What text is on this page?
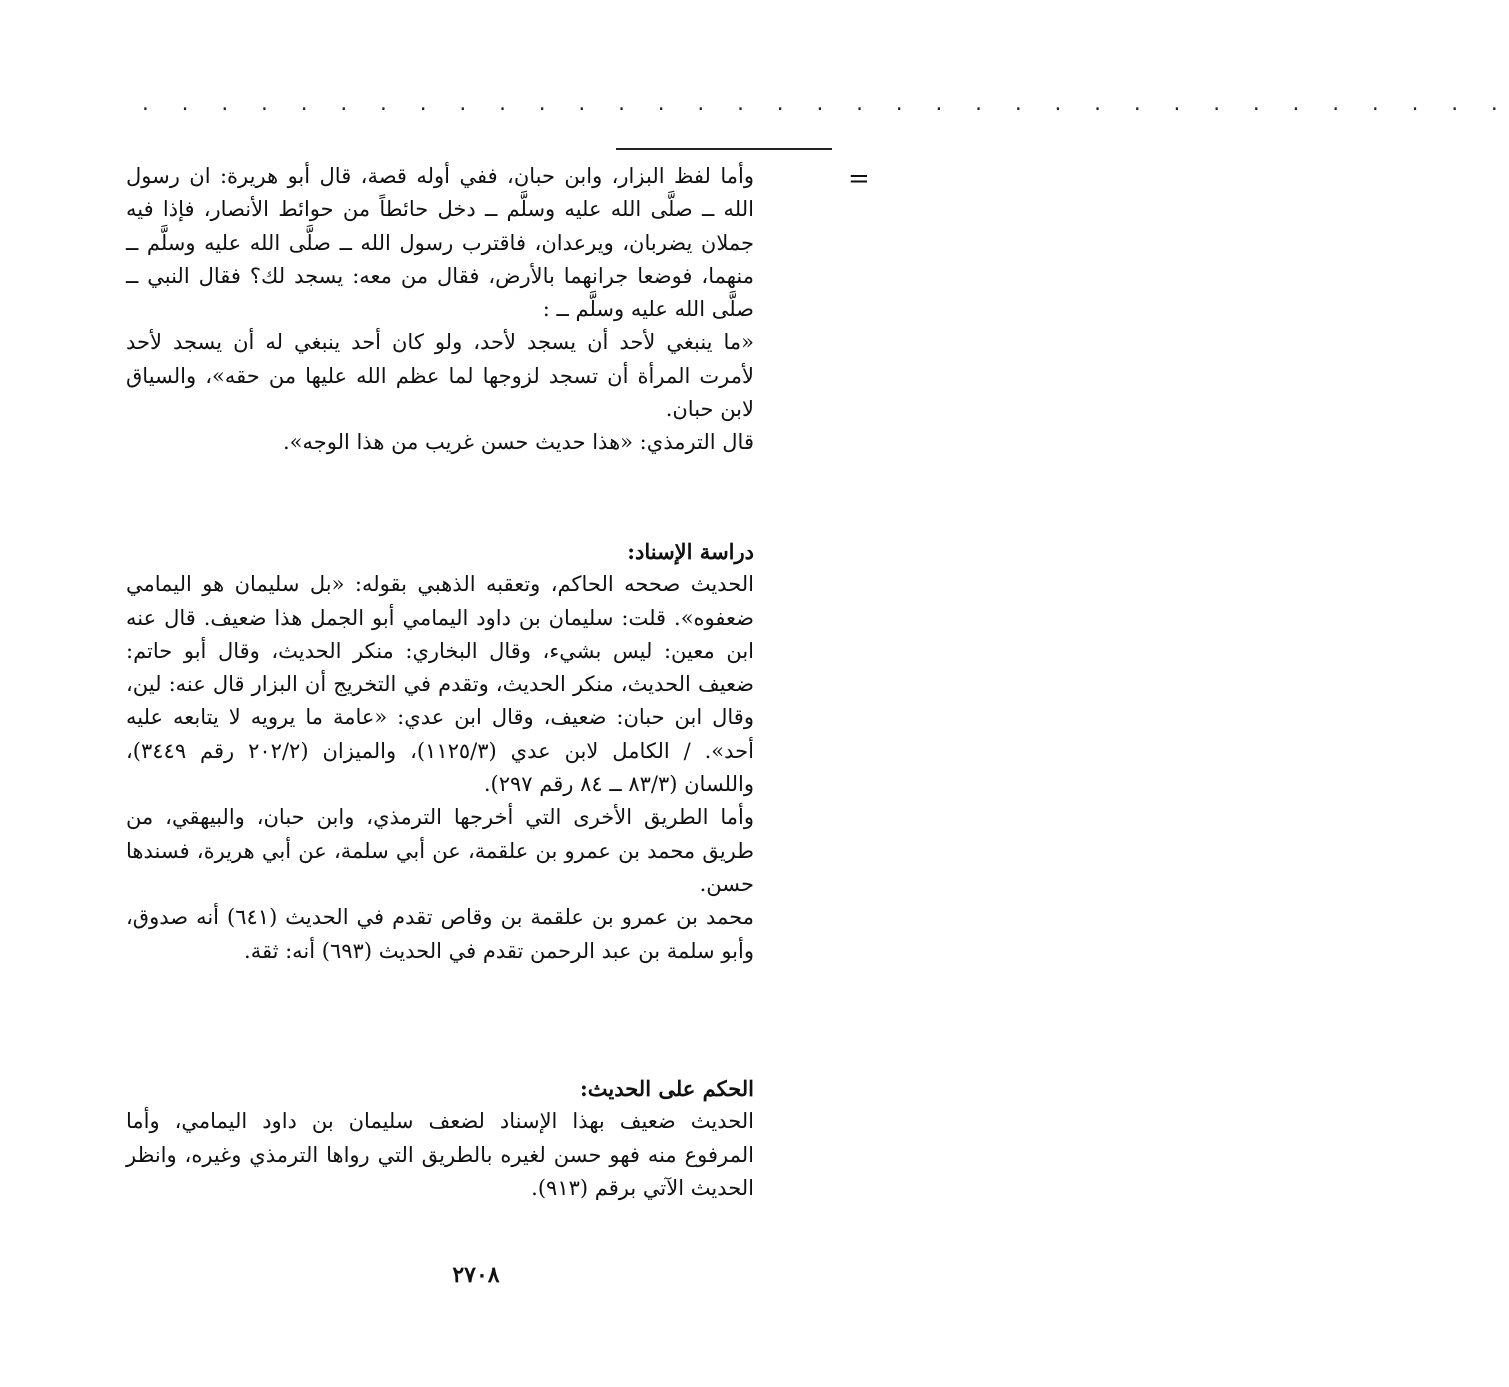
. . . . . . . . . . . . . . . . . . . . . . . . . . . . . . . . . . .
=

وأما لفظ البزار، وابن حبان، ففي أوله قصة، قال أبو هريرة: ان رسول الله ــ صلَّى الله عليه وسلَّم ــ دخل حائطاً من حوائط الأنصار، فإذا فيه جملان يضربان، ويرعدان، فاقترب رسول الله ــ صلَّى الله عليه وسلَّم ــ منهما، فوضعا جرانهما بالأرض، فقال من معه: يسجد لك؟ فقال النبي ــ صلَّى الله عليه وسلَّم ــ :

«ما ينبغي لأحد أن يسجد لأحد، ولو كان أحد ينبغي له أن يسجد لأحد لأمرت المرأة أن تسجد لزوجها لما عظم الله عليها من حقه»، والسياق لابن حبان.

قال الترمذي: «هذا حديث حسن غريب من هذا الوجه».

دراسة الإسناد:

الحديث صححه الحاكم، وتعقبه الذهبي بقوله: «بل سليمان هو اليمامي ضعفوه». قلت: سليمان بن داود اليمامي أبو الجمل هذا ضعيف. قال عنه ابن معين: ليس بشيء، وقال البخاري: منكر الحديث، وقال أبو حاتم: ضعيف الحديث، منكر الحديث، وتقدم في التخريج أن البزار قال عنه: لين، وقال ابن حبان: ضعيف، وقال ابن عدي: «عامة ما يرويه لا يتابعه عليه أحد». / الكامل لابن عدي (١١٢٥/٣)، والميزان (٢٠٢/٢ رقم ٣٤٤٩)، واللسان (٨٣/٣ ــ ٨٤ رقم ٢٩٧).

وأما الطريق الأخرى التي أخرجها الترمذي، وابن حبان، والبيهقي، من طريق محمد بن عمرو بن علقمة، عن أبي سلمة، عن أبي هريرة، فسندها حسن.

محمد بن عمرو بن علقمة بن وقاص تقدم في الحديث (٦٤١) أنه صدوق، وأبو سلمة بن عبد الرحمن تقدم في الحديث (٦٩٣) أنه: ثقة.

الحكم على الحديث:

الحديث ضعيف بهذا الإسناد لضعف سليمان بن داود اليمامي، وأما المرفوع منه فهو حسن لغيره بالطريق التي رواها الترمذي وغيره، وانظر الحديث الآتي برقم (٩١٣).

٢٧٠٨
